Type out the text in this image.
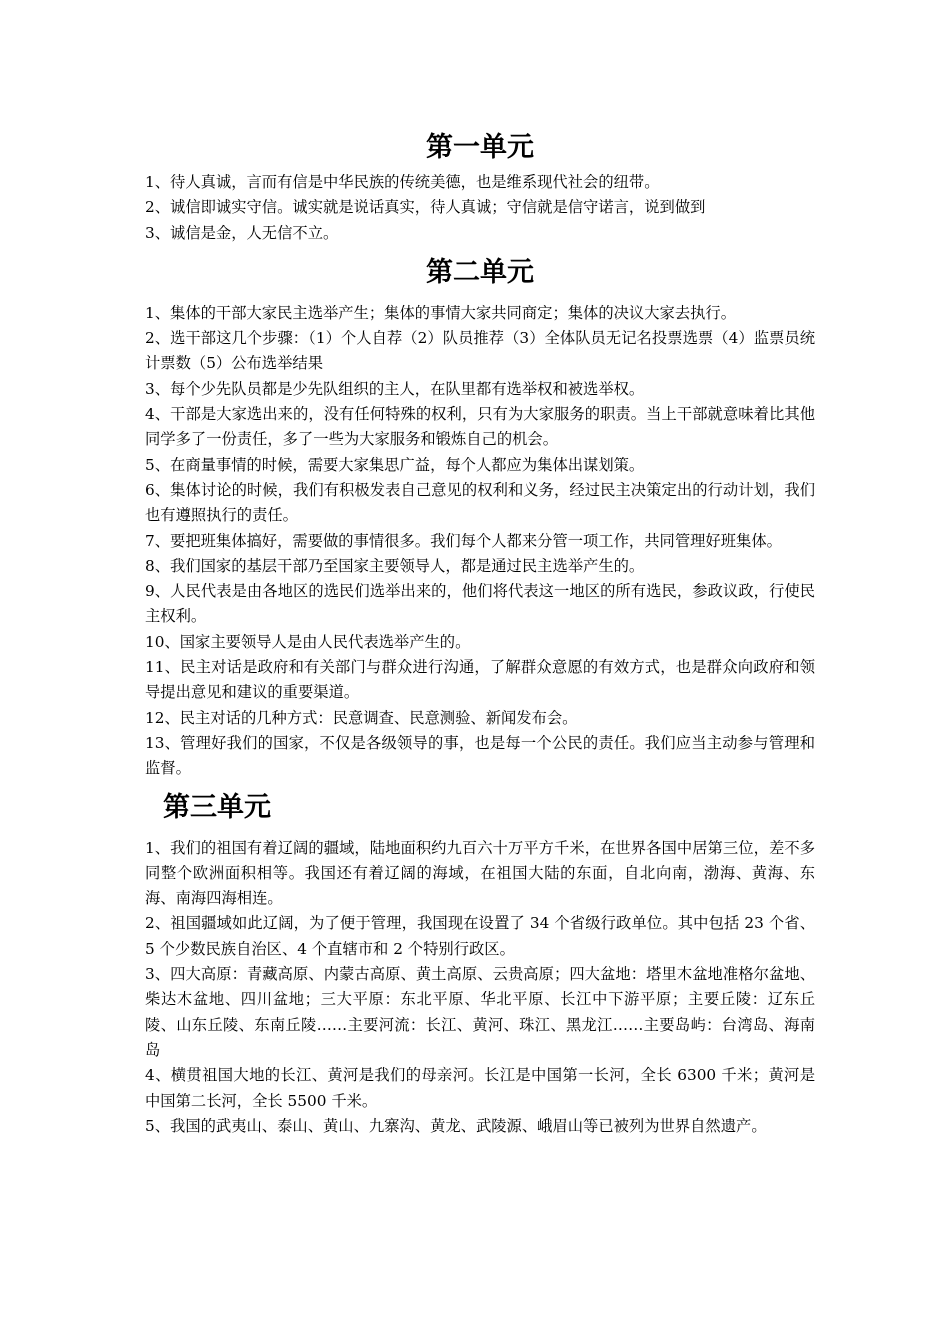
第一单元

1、待人真诚，言而有信是中华民族的传统美德，也是维系现代社会的纽带。

2、诚信即诚实守信。诚实就是说话真实，待人真诚；守信就是信守诺言，说到做到

3、诚信是金，人无信不立。

第二单元

1、集体的干部大家民主选举产生；集体的事情大家共同商定；集体的决议大家去执行。

2、选干部这几个步骤：（1）个人自荐（2）队员推荐（3）全体队员无记名投票选票（4）监票员统计票数（5）公布选举结果

3、每个少先队员都是少先队组织的主人，在队里都有选举权和被选举权。

4、干部是大家选出来的，没有任何特殊的权利，只有为大家服务的职责。当上干部就意味着比其他同学多了一份责任，多了一些为大家服务和锻炼自己的机会。

5、在商量事情的时候，需要大家集思广益，每个人都应为集体出谋划策。

6、集体讨论的时候，我们有积极发表自己意见的权利和义务，经过民主决策定出的行动计划，我们也有遵照执行的责任。

7、要把班集体搞好，需要做的事情很多。我们每个人都来分管一项工作，共同管理好班集体。

8、我们国家的基层干部乃至国家主要领导人，都是通过民主选举产生的。

9、人民代表是由各地区的选民们选举出来的，他们将代表这一地区的所有选民，参政议政，行使民主权利。

10、国家主要领导人是由人民代表选举产生的。

11、民主对话是政府和有关部门与群众进行沟通，了解群众意愿的有效方式，也是群众向政府和领导提出意见和建议的重要渠道。

12、民主对话的几种方式：民意调查、民意测验、新闻发布会。

13、管理好我们的国家，不仅是各级领导的事，也是每一个公民的责任。我们应当主动参与管理和监督。

第三单元

1、我们的祖国有着辽阔的疆域，陆地面积约九百六十万平方千米，在世界各国中居第三位，差不多同整个欧洲面积相等。我国还有着辽阔的海域，在祖国大陆的东面，自北向南，渤海、黄海、东海、南海四海相连。

2、祖国疆域如此辽阔，为了便于管理，我国现在设置了 34 个省级行政单位。其中包括 23 个省、5 个少数民族自治区、4 个直辖市和 2 个特别行政区。

3、四大高原：青藏高原、内蒙古高原、黄土高原、云贵高原；四大盆地：塔里木盆地准格尔盆地、柴达木盆地、四川盆地；三大平原：东北平原、华北平原、长江中下游平原；主要丘陵：辽东丘陵、山东丘陵、东南丘陵……主要河流：长江、黄河、珠江、黑龙江……主要岛屿：台湾岛、海南岛

4、横贯祖国大地的长江、黄河是我们的母亲河。长江是中国第一长河，全长 6300 千米；黄河是中国第二长河，全长 5500 千米。

5、我国的武夷山、泰山、黄山、九寨沟、黄龙、武陵源、峨眉山等已被列为世界自然遗产。
